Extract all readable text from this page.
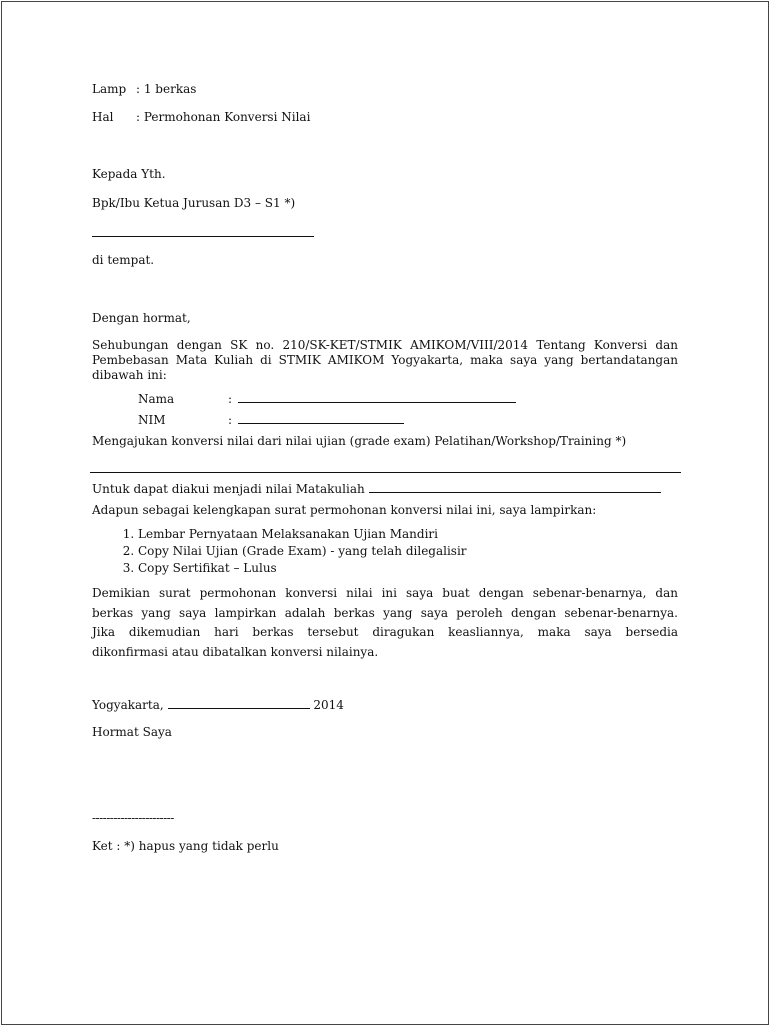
Lamp : 1 berkas
Hal : Permohonan Konversi Nilai
Kepada Yth.
Bpk/Ibu Ketua Jurusan D3 – S1 *)
di tempat.
Dengan hormat,
Sehubungan dengan SK no. 210/SK-KET/STMIK AMIKOM/VIII/2014 Tentang Konversi dan
Pembebasan Mata Kuliah di STMIK AMIKOM Yogyakarta, maka saya yang bertandatangan
dibawah ini:
Nama	:
NIM	:
Mengajukan konversi nilai dari nilai ujian (grade exam) Pelatihan/Workshop/Training *)
Untuk dapat diakui menjadi nilai Matakuliah
Adapun sebagai kelengkapan surat permohonan konversi nilai ini, saya lampirkan:
1. Lembar Pernyataan Melaksanakan Ujian Mandiri
2. Copy Nilai Ujian (Grade Exam) - yang telah dilegalisir
3. Copy Sertifikat – Lulus
Demikian surat permohonan konversi nilai ini saya buat dengan sebenar-benarnya, dan
berkas yang saya lampirkan adalah berkas yang saya peroleh dengan sebenar-benarnya.
Jika dikemudian hari berkas tersebut diragukan keasliannya, maka saya bersedia
dikonfirmasi atau dibatalkan konversi nilainya.
Yogyakarta,	2014
Hormat Saya
-----------------------
Ket : *) hapus yang tidak perlu
